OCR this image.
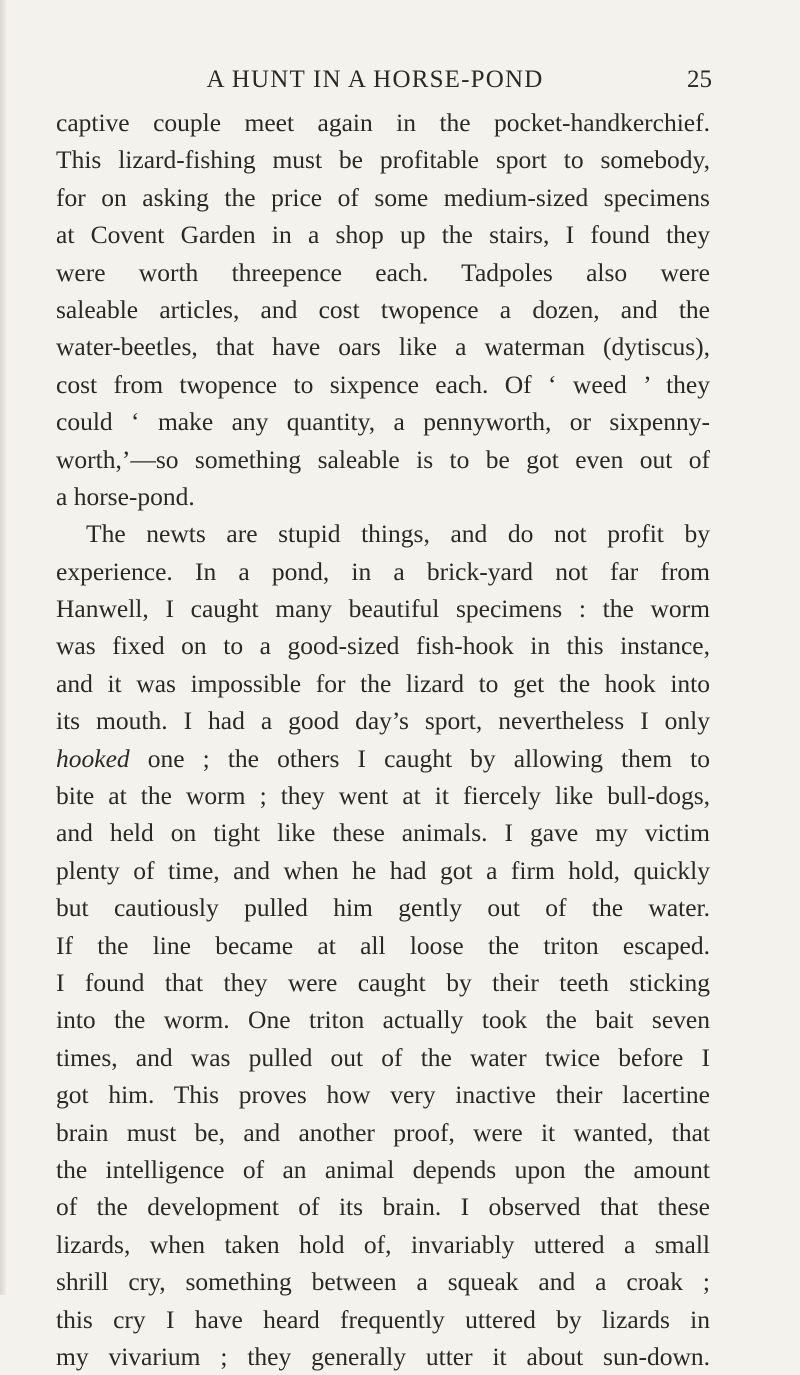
A HUNT IN A HORSE-POND	25
captive couple meet again in the pocket-handkerchief.
This lizard-fishing must be profitable sport to somebody,
for on asking the price of some medium-sized specimens
at Covent Garden in a shop up the stairs, I found they
were worth threepence each. Tadpoles also were
saleable articles, and cost twopence a dozen, and the
water-beetles, that have oars like a waterman (dytiscus),
cost from twopence to sixpence each. Of ‘ weed ’ they
could ‘ make any quantity, a pennyworth, or sixpenny-
worth,’—so something saleable is to be got even out of
a horse-pond.
The newts are stupid things, and do not profit by
experience. In a pond, in a brick-yard not far from
Hanwell, I caught many beautiful specimens : the worm
was fixed on to a good-sized fish-hook in this instance,
and it was impossible for the lizard to get the hook into
its mouth. I had a good day’s sport, nevertheless I only
hooked one ; the others I caught by allowing them to
bite at the worm ; they went at it fiercely like bull-dogs,
and held on tight like these animals. I gave my victim
plenty of time, and when he had got a firm hold, quickly
but cautiously pulled him gently out of the water.
If the line became at all loose the triton escaped.
I found that they were caught by their teeth sticking
into the worm. One triton actually took the bait seven
times, and was pulled out of the water twice before I
got him. This proves how very inactive their lacertine
brain must be, and another proof, were it wanted, that
the intelligence of an animal depends upon the amount
of the development of its brain. I observed that these
lizards, when taken hold of, invariably uttered a small
shrill cry, something between a squeak and a croak ;
this cry I have heard frequently uttered by lizards in
my vivarium ; they generally utter it about sun-down.
